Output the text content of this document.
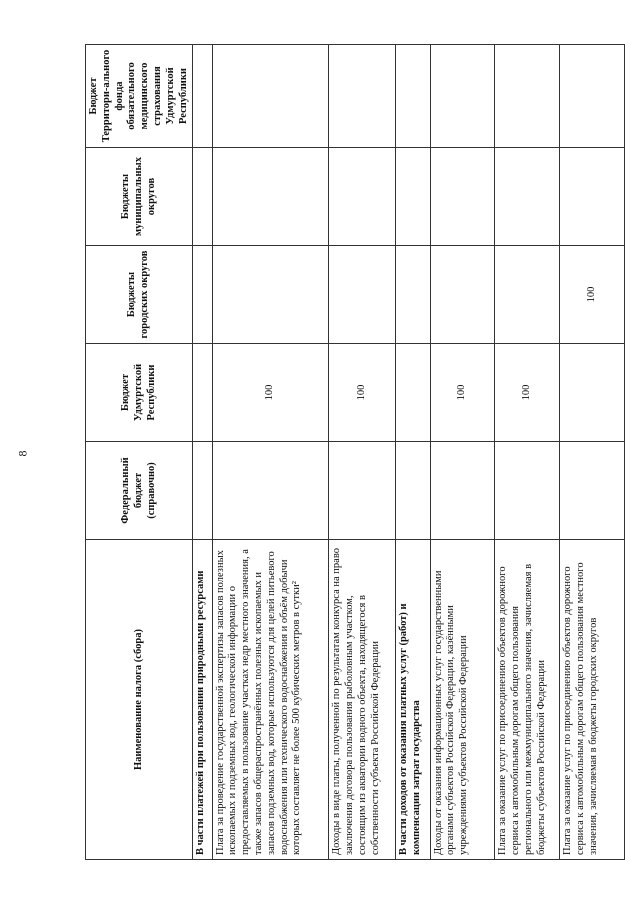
8
Наименование налога (сбора)	Федеральный бюджет (справочно)	Бюджет Удмуртской Республики	Бюджеты городских округов	Бюджеты муниципальных округов	Бюджет Территори-ального фонда обязательного медицинского страхования Удмуртской Республики
В части платежей при пользовании природными ресурсами					
Плата за проведение государственной экспертизы запасов полезных ископаемых и подземных вод, геологической информации о предоставляемых в пользование участках недр местного значения, а также запасов общераспространённых полезных ископаемых и запасов подземных вод, которые используются для целей питьевого водоснабжения или технического водоснабжения и объём добычи которых составляет не более 500 кубических метров в сутки²		100			
Доходы в виде платы, полученной по результатам конкурса на право заключения договора пользования рыболовным участком, состоящим из акватории водного объекта, находящегося в собственности субъекта Российской Федерации		100			
В части доходов от оказания платных услуг (работ) и компенсации затрат государства					
Доходы от оказания информационных услуг государственными органами субъектов Российской Федерации, казёнными учреждениями субъектов Российской Федерации		100			
Плата за оказание услуг по присоединению объектов дорожного сервиса к автомобильным дорогам общего пользования регионального или межмуниципального значения, зачисляемая в бюджеты субъектов Российской Федерации		100			
Плата за оказание услуг по присоединению объектов дорожного сервиса к автомобильным дорогам общего пользования местного значения, зачисляемая в бюджеты городских округов			100		
